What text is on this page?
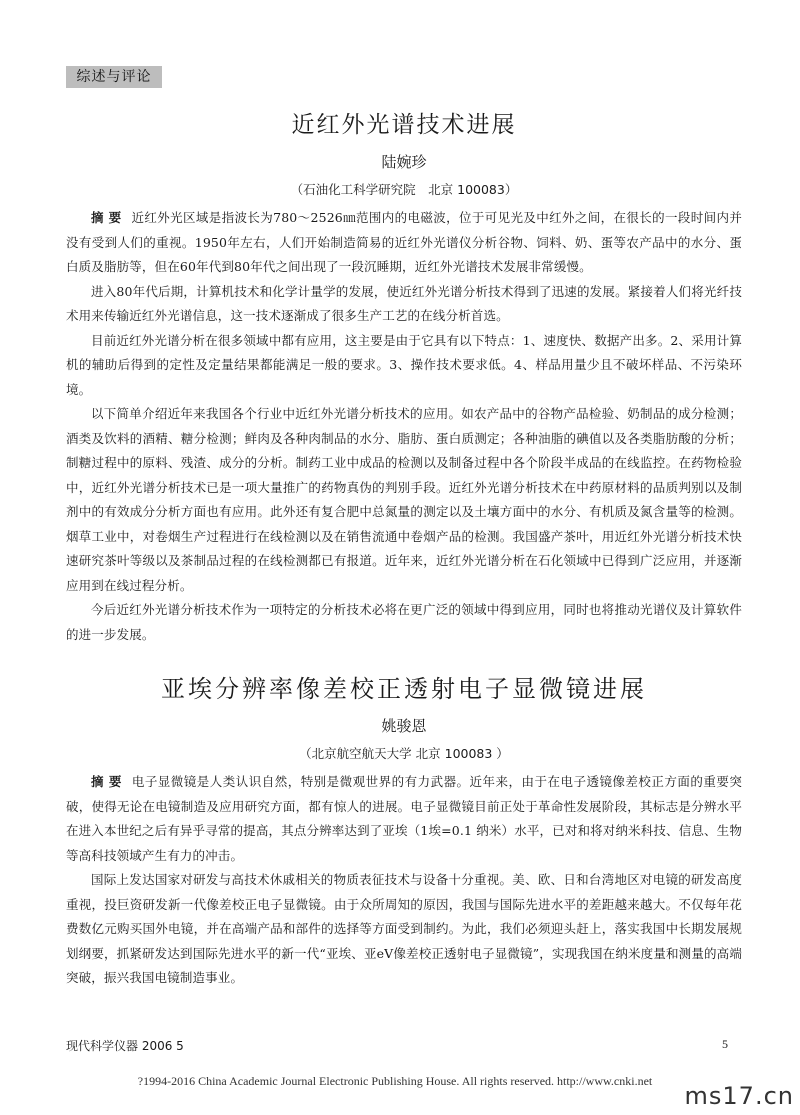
综述与评论
近红外光谱技术进展
陆婉珍
（石油化工科学研究院　北京 100083）

摘 要 近红外光区域是指波长为780～2526㎚范围内的电磁波，位于可见光及中红外之间，在很长的一段时间内并没有受到人们的重视。1950年左右，人们开始制造简易的近红外光谱仪分析谷物、饲料、奶、蛋等农产品中的水分、蛋白质及脂肪等，但在60年代到80年代之间出现了一段沉睡期，近红外光谱技术发展非常缓慢。

进入80年代后期，计算机技术和化学计量学的发展，使近红外光谱分析技术得到了迅速的发展。紧接着人们将光纤技术用来传输近红外光谱信息，这一技术逐渐成了很多生产工艺的在线分析首选。

目前近红外光谱分析在很多领域中都有应用，这主要是由于它具有以下特点：1、速度快、数据产出多。2、采用计算机的辅助后得到的定性及定量结果都能满足一般的要求。3、操作技术要求低。4、样品用量少且不破坏样品、不污染环境。

以下简单介绍近年来我国各个行业中近红外光谱分析技术的应用。如农产品中的谷物产品检验、奶制品的成分检测；酒类及饮料的酒精、糖分检测；鲜肉及各种肉制品的水分、脂肪、蛋白质测定；各种油脂的碘值以及各类脂肪酸的分析；制糖过程中的原料、残渣、成分的分析。制药工业中成品的检测以及制备过程中各个阶段半成品的在线监控。在药物检验中，近红外光谱分析技术已是一项大量推广的药物真伪的判别手段。近红外光谱分析技术在中药原材料的品质判别以及制剂中的有效成分分析方面也有应用。此外还有复合肥中总氮量的测定以及土壤方面中的水分、有机质及氮含量等的检测。烟草工业中，对卷烟生产过程进行在线检测以及在销售流通中卷烟产品的检测。我国盛产茶叶，用近红外光谱分析技术快速研究茶叶等级以及茶制品过程的在线检测都已有报道。近年来，近红外光谱分析在石化领域中已得到广泛应用，并逐渐应用到在线过程分析。

今后近红外光谱分析技术作为一项特定的分析技术必将在更广泛的领域中得到应用，同时也将推动光谱仪及计算软件的进一步发展。

亚埃分辨率像差校正透射电子显微镜进展
姚骏恩
（北京航空航天大学 北京 100083 ）

摘 要 电子显微镜是人类认识自然，特别是微观世界的有力武器。近年来，由于在电子透镜像差校正方面的重要突破，使得无论在电镜制造及应用研究方面，都有惊人的进展。电子显微镜目前正处于革命性发展阶段，其标志是分辨水平在进入本世纪之后有异乎寻常的提高，其点分辨率达到了亚埃（1埃=0.1 纳米）水平，已对和将对纳米科技、信息、生物等高科技领域产生有力的冲击。

国际上发达国家对研发与高技术休戚相关的物质表征技术与设备十分重视。美、欧、日和台湾地区对电镜的研发高度重视，投巨资研发新一代像差校正电子显微镜。由于众所周知的原因，我国与国际先进水平的差距越来越大。不仅每年花费数亿元购买国外电镜，并在高端产品和部件的选择等方面受到制约。为此，我们必须迎头赶上，落实我国中长期发展规划纲要，抓紧研发达到国际先进水平的新一代“亚埃、亚eV像差校正透射电子显微镜”，实现我国在纳米度量和测量的高端突破，振兴我国电镜制造事业。

现代科学仪器 2006 5	5
?1994-2016 China Academic Journal Electronic Publishing House. All rights reserved. http://www.cnki.net
ms17.cn
